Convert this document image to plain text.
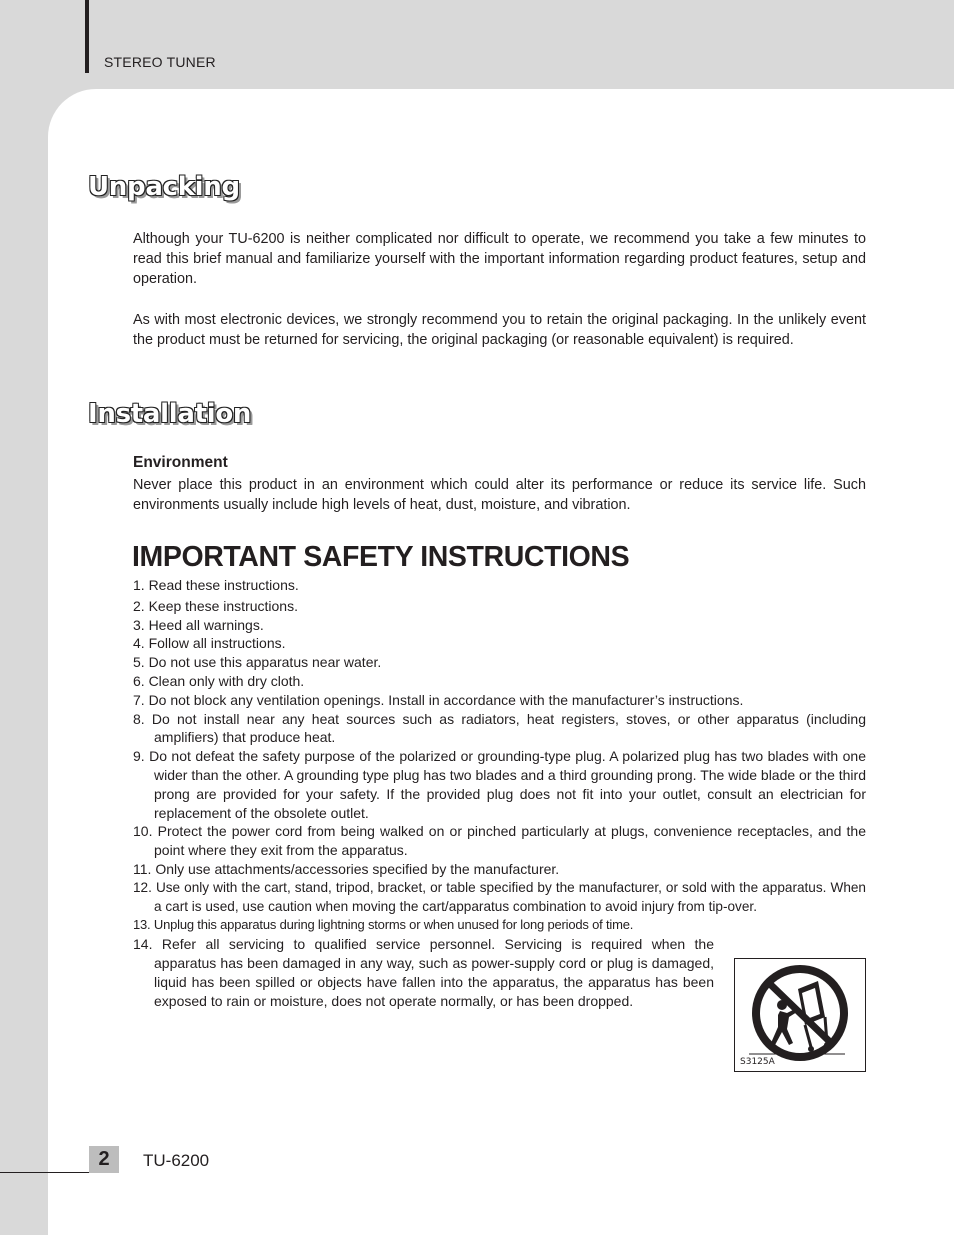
STEREO TUNER
Unpacking

Although your TU-6200 is neither complicated nor difficult to operate, we recommend you take a few minutes to read this brief manual and familiarize yourself with the important information regarding product features, setup and operation.

As with most electronic devices, we strongly recommend you to retain the original packaging. In the unlikely event the product must be returned for servicing, the original packaging (or reasonable equivalent) is required.

Installation
Environment

Never place this product in an environment which could alter its performance or reduce its service life. Such environments usually include high levels of heat, dust, moisture, and vibration.

IMPORTANT SAFETY INSTRUCTIONS
1. Read these instructions.
2. Keep these instructions.
3. Heed all warnings.
4. Follow all instructions.
5. Do not use this apparatus near water.
6. Clean only with dry cloth.
7. Do not block any ventilation openings. Install in accordance with the manufacturer’s instructions.
8. Do not install near any heat sources such as radiators, heat registers, stoves, or other apparatus (including amplifiers) that produce heat.
9. Do not defeat the safety purpose of the polarized or grounding-type plug. A polarized plug has two blades with one wider than the other. A grounding type plug has two blades and a third grounding prong. The wide blade or the third prong are provided for your safety. If the provided plug does not fit into your outlet, consult an electrician for replacement of the obsolete outlet.
10. Protect the power cord from being walked on or pinched particularly at plugs, convenience receptacles, and the point where they exit from the apparatus.
11. Only use attachments/accessories specified by the manufacturer.
12. Use only with the cart, stand, tripod, bracket, or table specified by the manufacturer, or sold with the apparatus. When a cart is used, use caution when moving the cart/apparatus combination to avoid injury from tip-over.
13. Unplug this apparatus during lightning storms or when unused for long periods of time.
14. Refer all servicing to qualified service personnel. Servicing is required when the apparatus has been damaged in any way, such as power-supply cord or plug is damaged, liquid has been spilled or objects have fallen into the apparatus, the apparatus has been exposed to rain or moisture, does not operate normally, or has been dropped.
S3125A
2	TU-6200
